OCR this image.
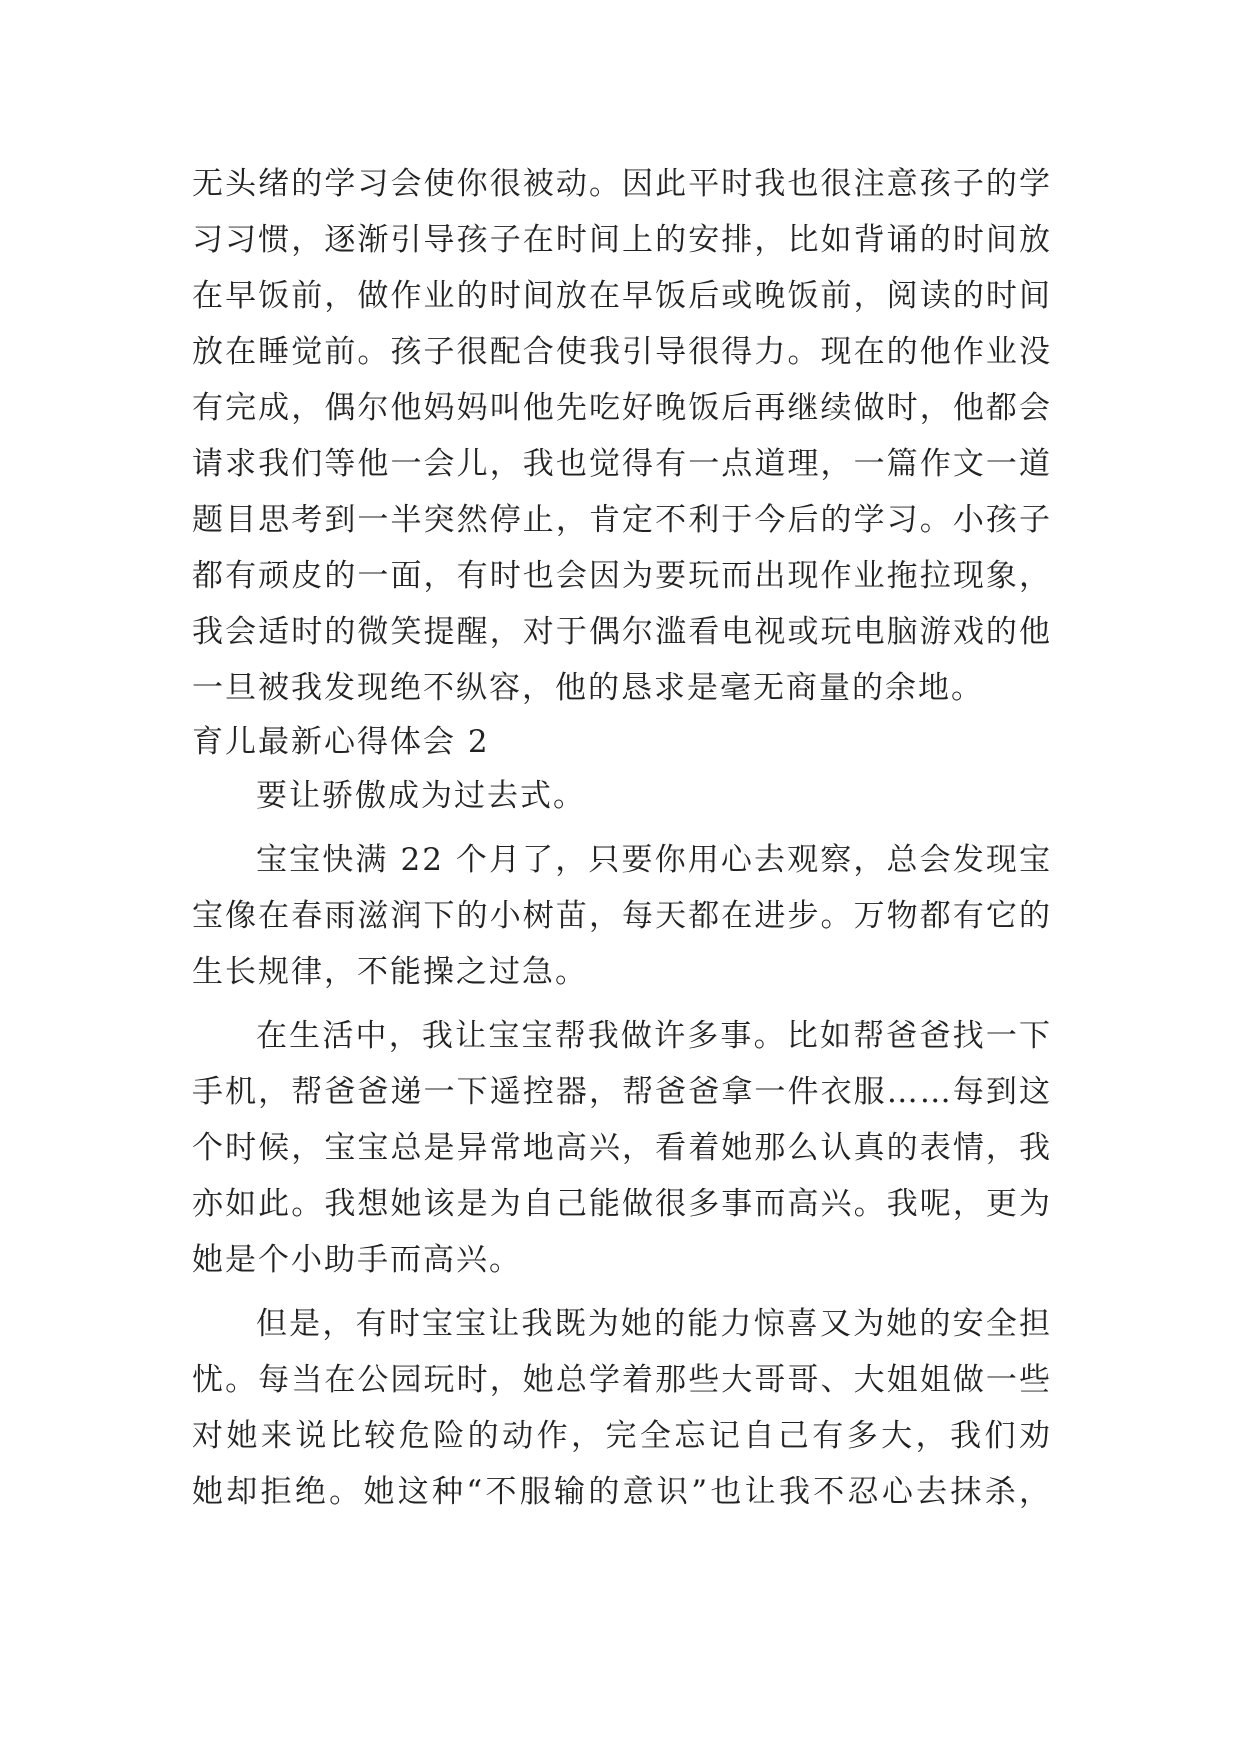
无头绪的学习会使你很被动。因此平时我也很注意孩子的学
习习惯，逐渐引导孩子在时间上的安排，比如背诵的时间放
在早饭前，做作业的时间放在早饭后或晚饭前，阅读的时间
放在睡觉前。孩子很配合使我引导很得力。现在的他作业没
有完成，偶尔他妈妈叫他先吃好晚饭后再继续做时，他都会
请求我们等他一会儿，我也觉得有一点道理，一篇作文一道
题目思考到一半突然停止，肯定不利于今后的学习。小孩子
都有顽皮的一面，有时也会因为要玩而出现作业拖拉现象，
我会适时的微笑提醒，对于偶尔滥看电视或玩电脑游戏的他
一旦被我发现绝不纵容，他的恳求是毫无商量的余地。
育儿最新心得体会 2
要让骄傲成为过去式。
宝宝快满 22 个月了，只要你用心去观察，总会发现宝
宝像在春雨滋润下的小树苗，每天都在进步。万物都有它的
生长规律，不能操之过急。
在生活中，我让宝宝帮我做许多事。比如帮爸爸找一下
手机，帮爸爸递一下遥控器，帮爸爸拿一件衣服……每到这
个时候，宝宝总是异常地高兴，看着她那么认真的表情，我
亦如此。我想她该是为自己能做很多事而高兴。我呢，更为
她是个小助手而高兴。
但是，有时宝宝让我既为她的能力惊喜又为她的安全担
忧。每当在公园玩时，她总学着那些大哥哥、大姐姐做一些
对她来说比较危险的动作，完全忘记自己有多大，我们劝
她却拒绝。她这种“不服输的意识”也让我不忍心去抹杀，
